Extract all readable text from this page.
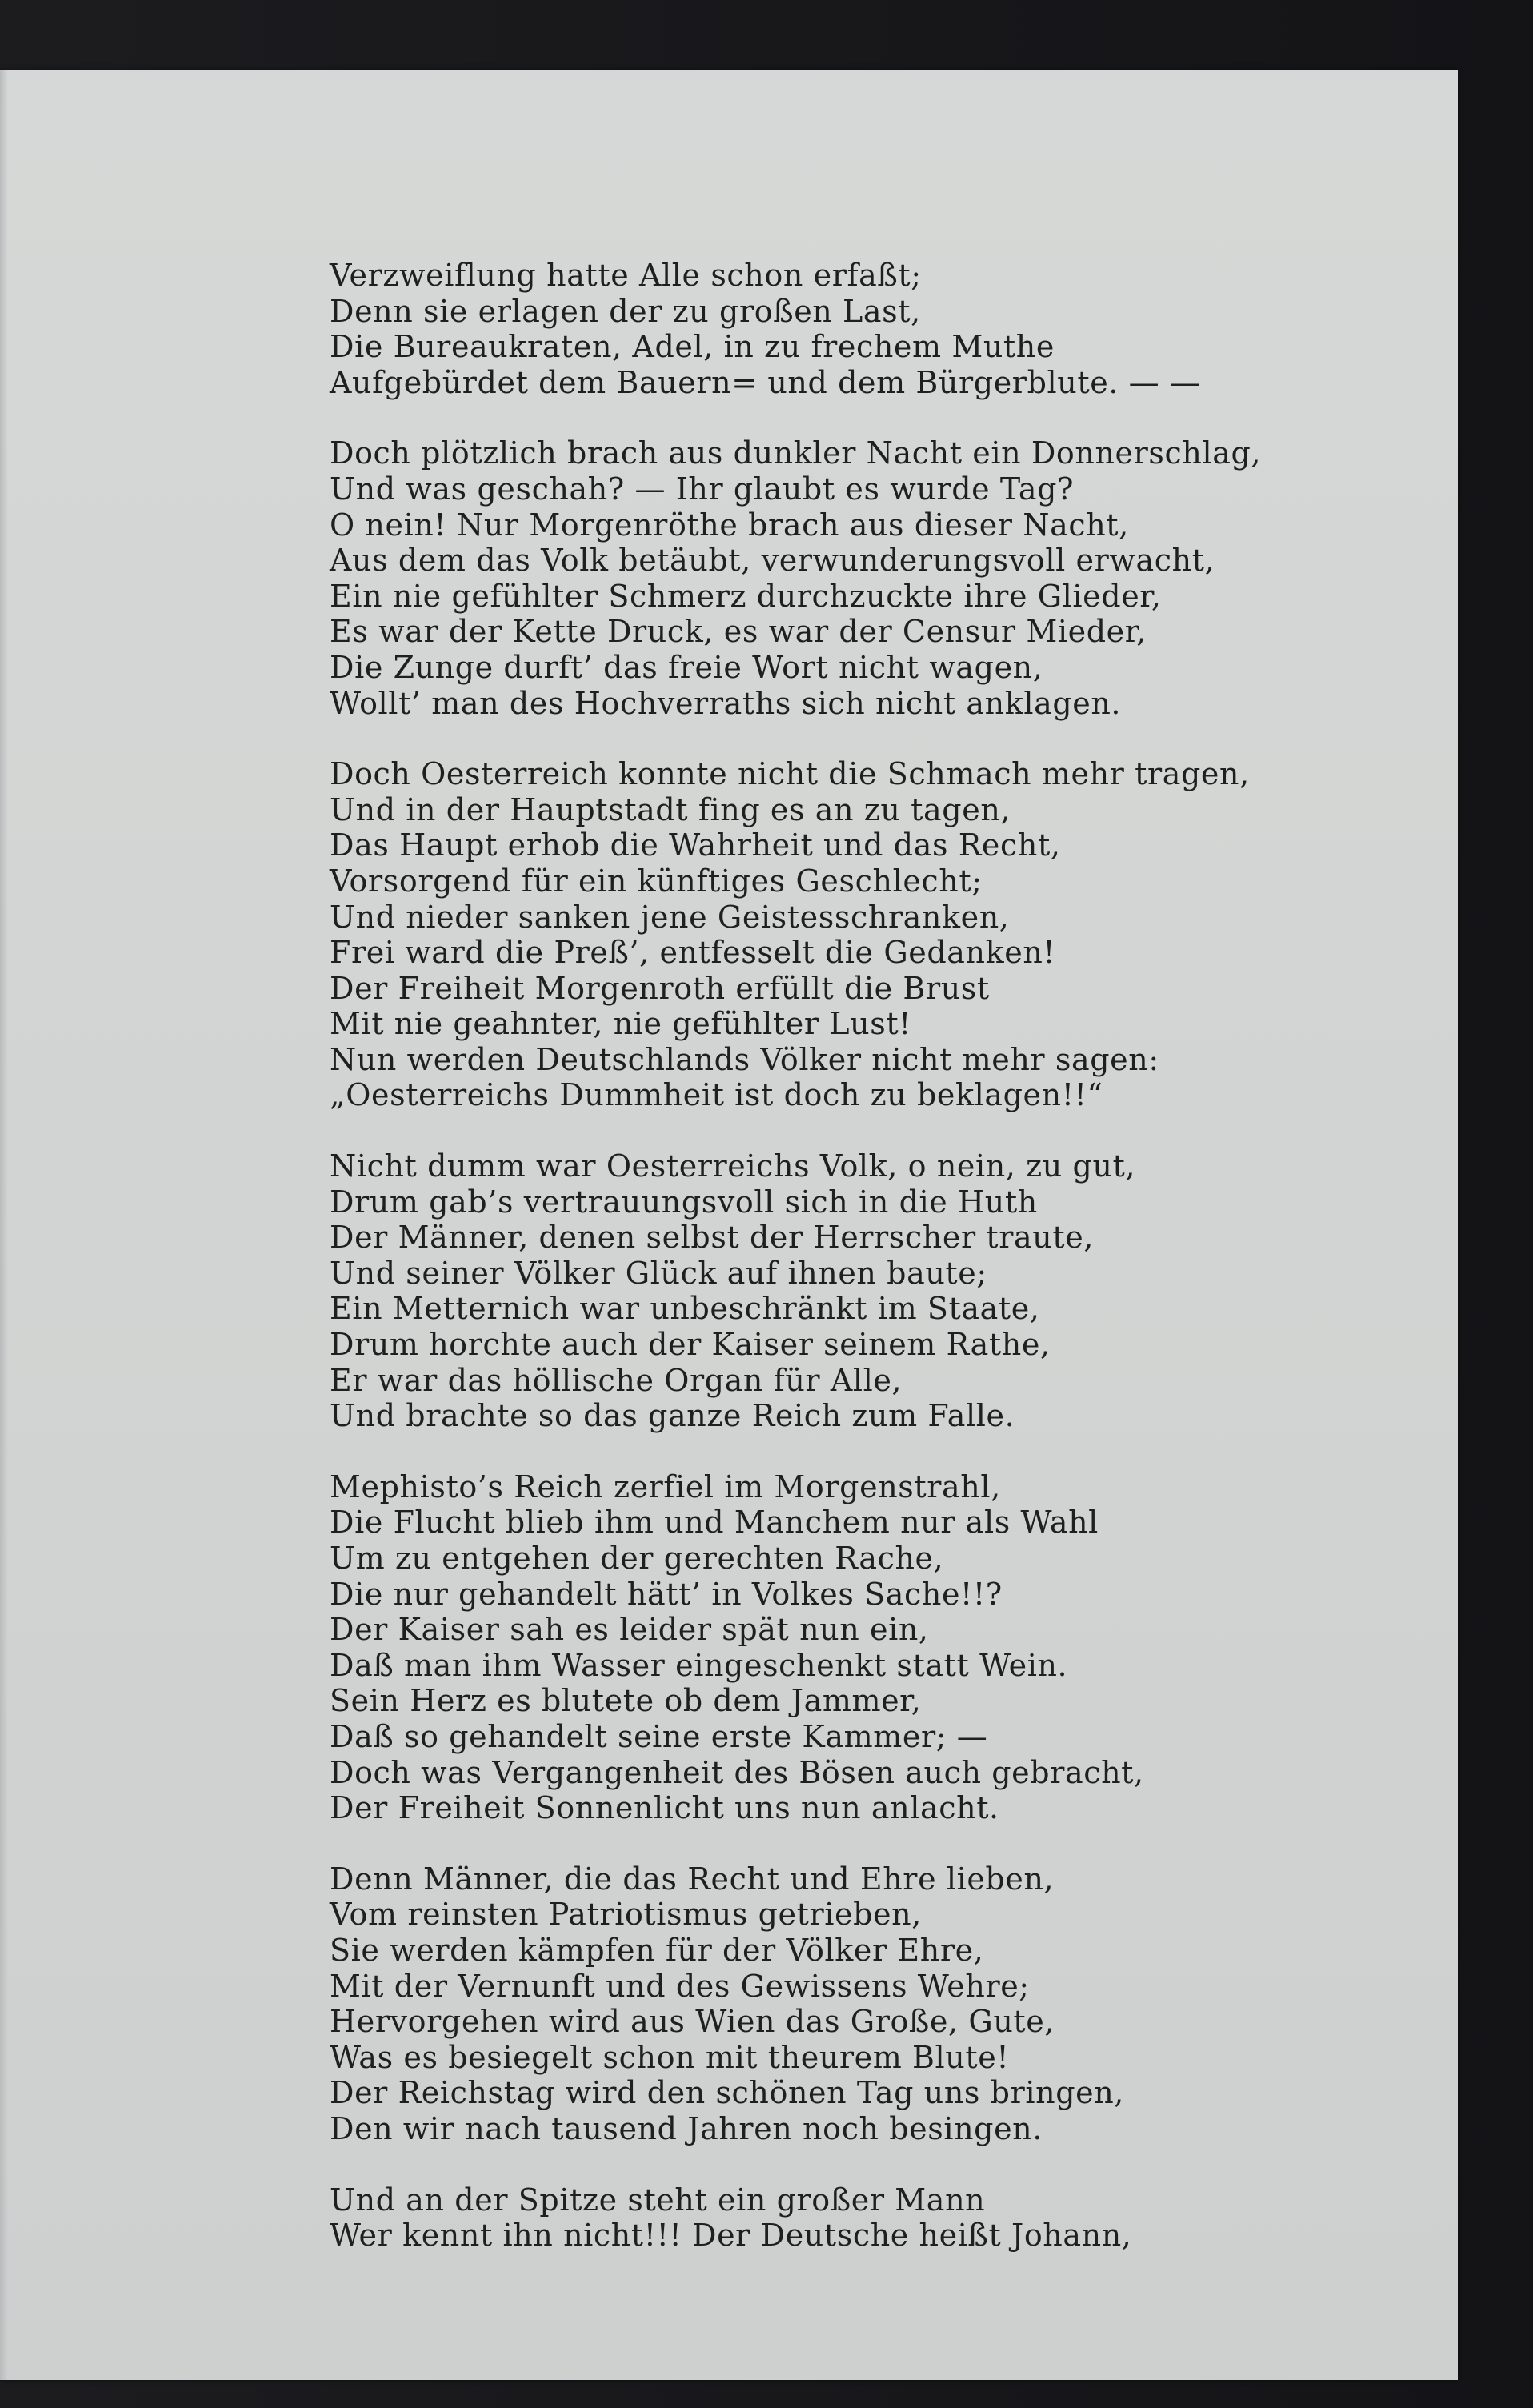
Verzweiflung hatte Alle schon erfaßt;
Denn sie erlagen der zu großen Last,
Die Bureaukraten, Adel, in zu frechem Muthe
Aufgebürdet dem Bauern= und dem Bürgerblute. — —
Doch plötzlich brach aus dunkler Nacht ein Donnerschlag,
Und was geschah? — Ihr glaubt es wurde Tag?
O nein! Nur Morgenröthe brach aus dieser Nacht,
Aus dem das Volk betäubt, verwunderungsvoll erwacht,
Ein nie gefühlter Schmerz durchzuckte ihre Glieder,
Es war der Kette Druck, es war der Censur Mieder,
Die Zunge durft’ das freie Wort nicht wagen,
Wollt’ man des Hochverraths sich nicht anklagen.
Doch Oesterreich konnte nicht die Schmach mehr tragen,
Und in der Hauptstadt fing es an zu tagen,
Das Haupt erhob die Wahrheit und das Recht,
Vorsorgend für ein künftiges Geschlecht;
Und nieder sanken jene Geistesschranken,
Frei ward die Preß’, entfesselt die Gedanken!
Der Freiheit Morgenroth erfüllt die Brust
Mit nie geahnter, nie gefühlter Lust!
Nun werden Deutschlands Völker nicht mehr sagen:
„Oesterreichs Dummheit ist doch zu beklagen!!“
Nicht dumm war Oesterreichs Volk, o nein, zu gut,
Drum gab’s vertrauungsvoll sich in die Huth
Der Männer, denen selbst der Herrscher traute,
Und seiner Völker Glück auf ihnen baute;
Ein Metternich war unbeschränkt im Staate,
Drum horchte auch der Kaiser seinem Rathe,
Er war das höllische Organ für Alle,
Und brachte so das ganze Reich zum Falle.
Mephisto’s Reich zerfiel im Morgenstrahl,
Die Flucht blieb ihm und Manchem nur als Wahl
Um zu entgehen der gerechten Rache,
Die nur gehandelt hätt’ in Volkes Sache!!?
Der Kaiser sah es leider spät nun ein,
Daß man ihm Wasser eingeschenkt statt Wein.
Sein Herz es blutete ob dem Jammer,
Daß so gehandelt seine erste Kammer; —
Doch was Vergangenheit des Bösen auch gebracht,
Der Freiheit Sonnenlicht uns nun anlacht.
Denn Männer, die das Recht und Ehre lieben,
Vom reinsten Patriotismus getrieben,
Sie werden kämpfen für der Völker Ehre,
Mit der Vernunft und des Gewissens Wehre;
Hervorgehen wird aus Wien das Große, Gute,
Was es besiegelt schon mit theurem Blute!
Der Reichstag wird den schönen Tag uns bringen,
Den wir nach tausend Jahren noch besingen.
Und an der Spitze steht ein großer Mann
Wer kennt ihn nicht!!! Der Deutsche heißt Johann,
